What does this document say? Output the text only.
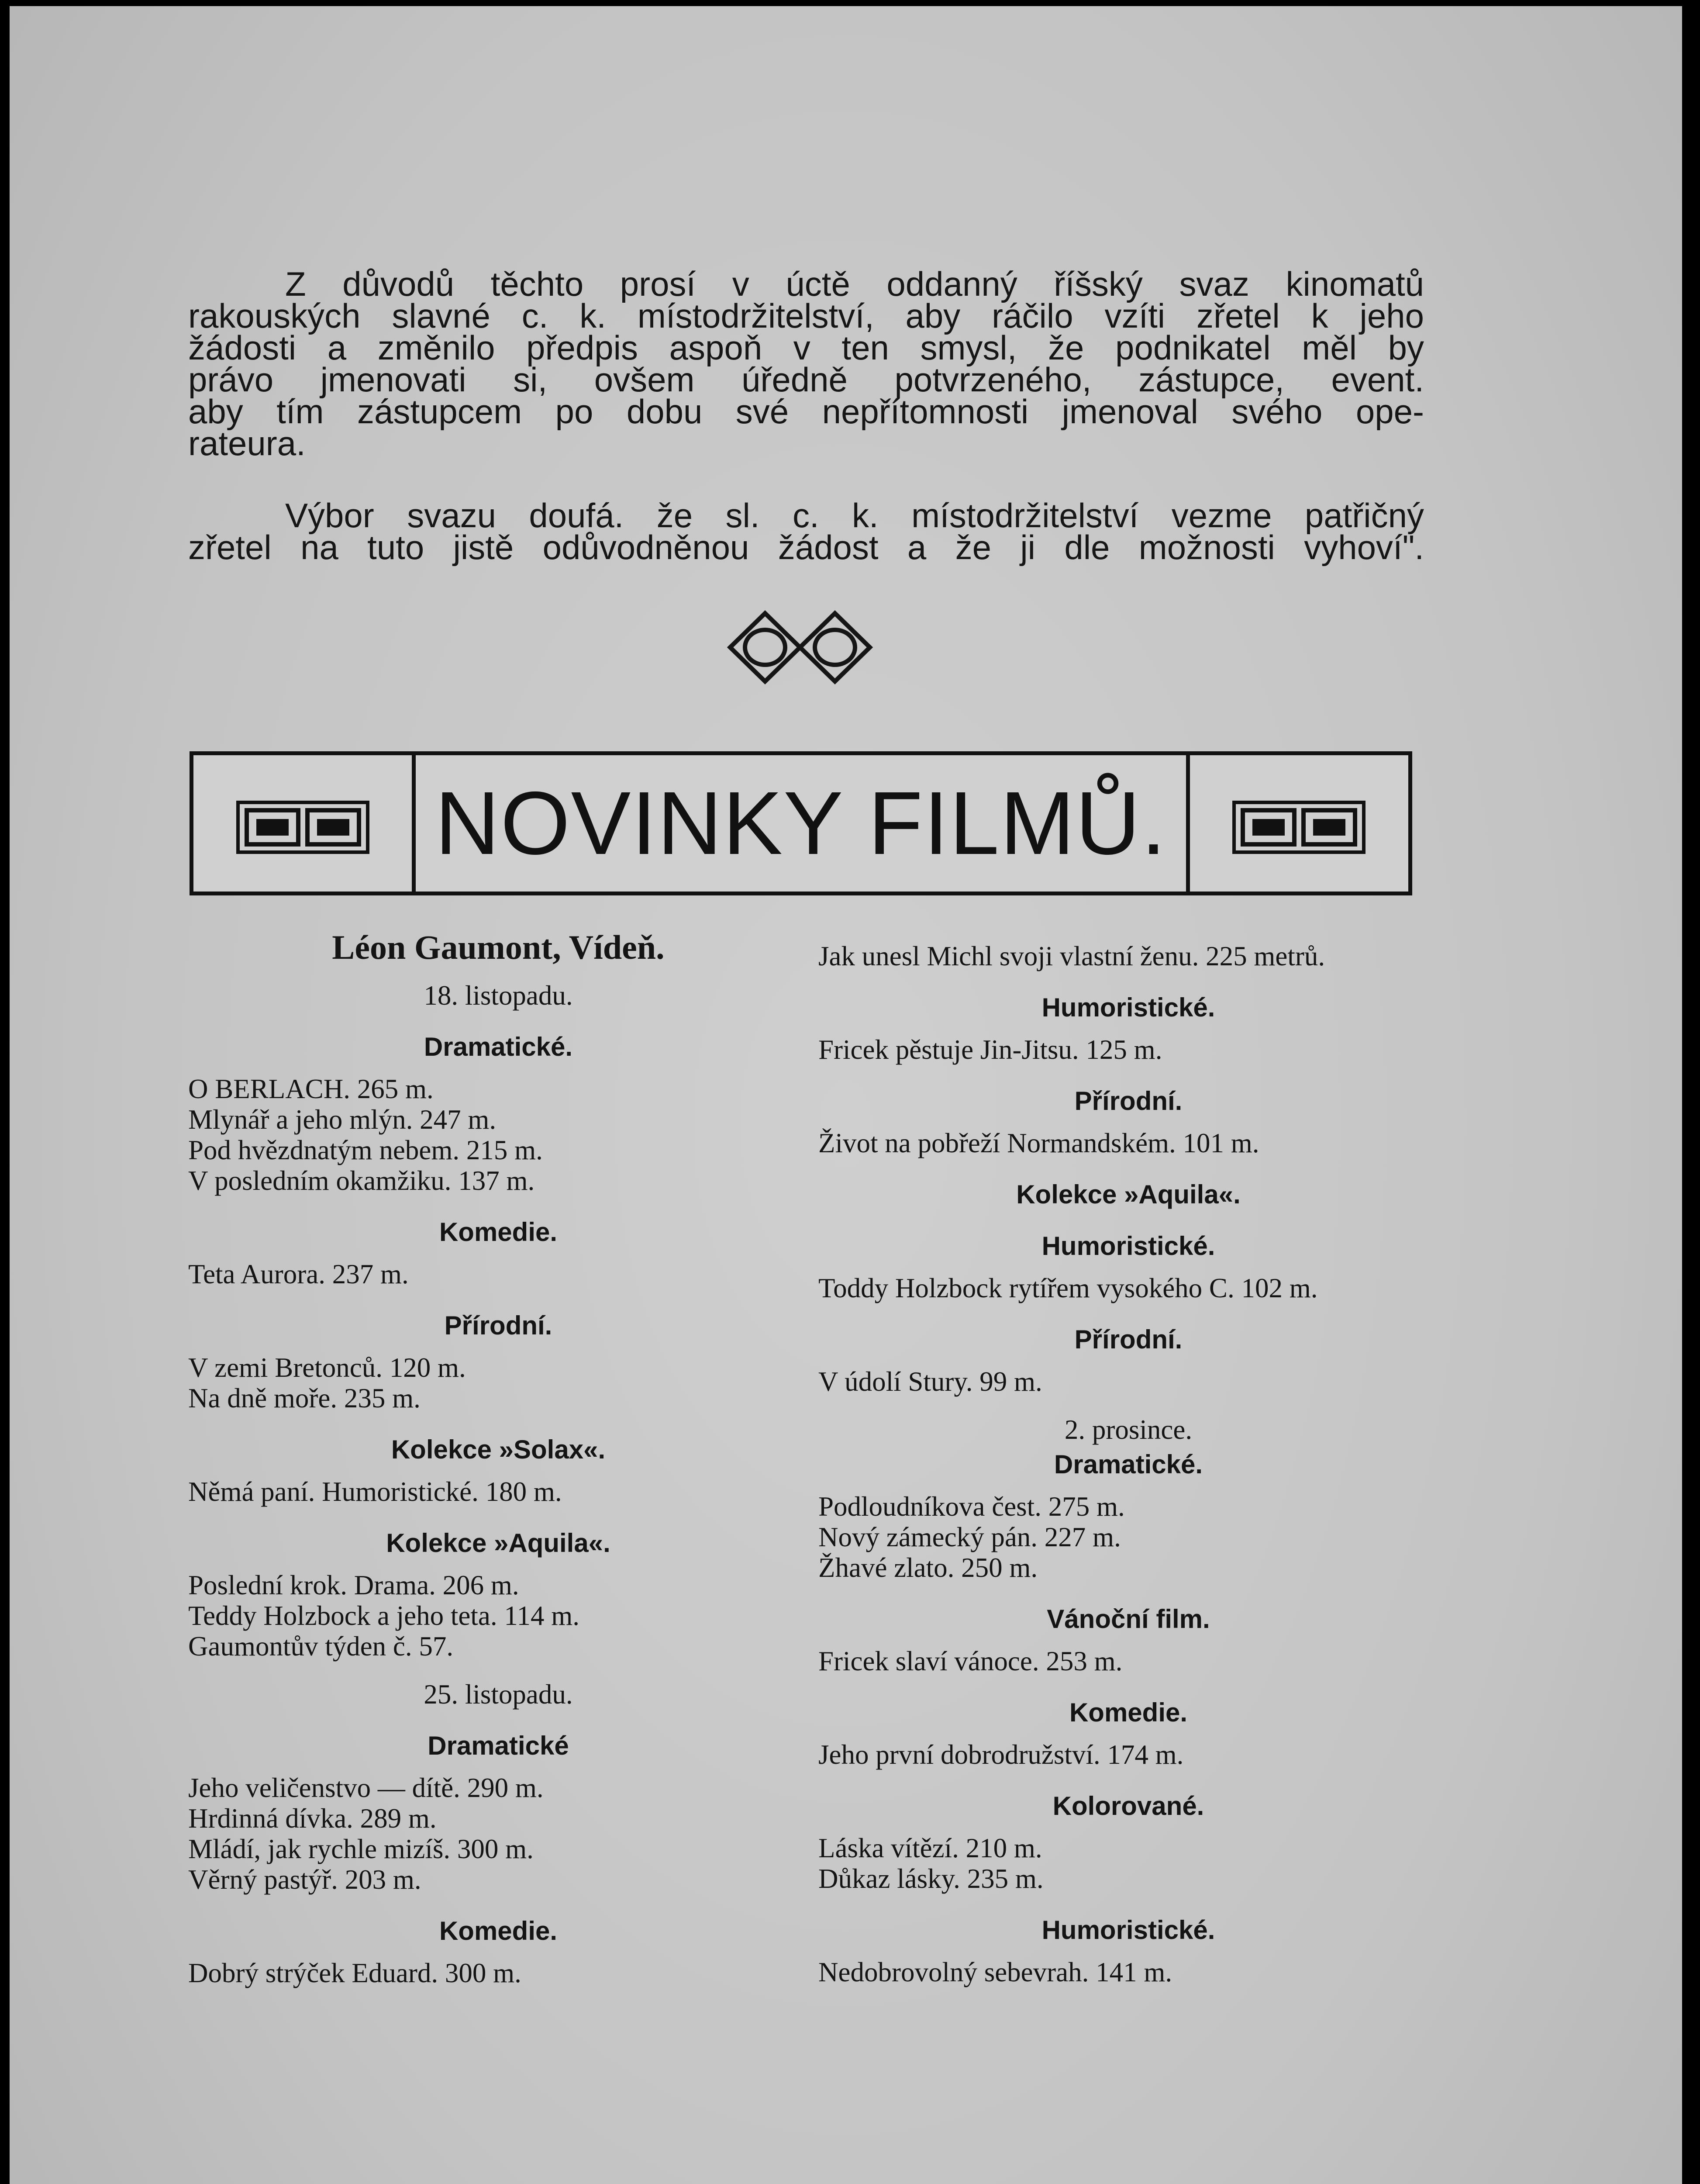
Z důvodů těchto prosí v úctě oddanný říšský svaz kinomatů
rakouských slavné c. k. místodržitelství, aby ráčilo vzíti zřetel k jeho
žádosti a změnilo předpis aspoň v ten smysl, že podnikatel měl by
právo jmenovati si, ovšem úředně potvrzeného, zástupce, event.
aby tím zástupcem po dobu své nepřítomnosti jmenoval svého ope-
rateura.
Výbor svazu doufá. že sl. c. k. místodržitelství vezme patřičný
zřetel na tuto jistě odůvodněnou žádost a že ji dle možnosti vyhoví".
NOVINKY FILMŮ.
Léon Gaumont, Vídeň.
18. listopadu.
Dramatické.
O BERLACH. 265 m.
Mlynář a jeho mlýn. 247 m.
Pod hvězdnatým nebem. 215 m.
V posledním okamžiku. 137 m.
Komedie.
Teta Aurora. 237 m.
Přírodní.
V zemi Bretonců. 120 m.
Na dně moře. 235 m.
Kolekce »Solax«.
Němá paní. Humoristické. 180 m.
Kolekce »Aquila«.
Poslední krok. Drama. 206 m.
Teddy Holzbock a jeho teta. 114 m.
Gaumontův týden č. 57.
25. listopadu.
Dramatické
Jeho veličenstvo — dítě. 290 m.
Hrdinná dívka. 289 m.
Mládí, jak rychle mizíš. 300 m.
Věrný pastýř. 203 m.
Komedie.
Dobrý strýček Eduard. 300 m.
Jak unesl Michl svoji vlastní ženu. 225 metrů.
Humoristické.
Fricek pěstuje Jin-Jitsu. 125 m.
Přírodní.
Život na pobřeží Normandském. 101 m.
Kolekce »Aquila«.
Humoristické.
Toddy Holzbock rytířem vysokého C. 102 m.
Přírodní.
V údolí Stury. 99 m.
2. prosince.
Dramatické.
Podloudníkova čest. 275 m.
Nový zámecký pán. 227 m.
Žhavé zlato. 250 m.
Vánoční film.
Fricek slaví vánoce. 253 m.
Komedie.
Jeho první dobrodružství. 174 m.
Kolorované.
Láska vítězí. 210 m.
Důkaz lásky. 235 m.
Humoristické.
Nedobrovolný sebevrah. 141 m.
